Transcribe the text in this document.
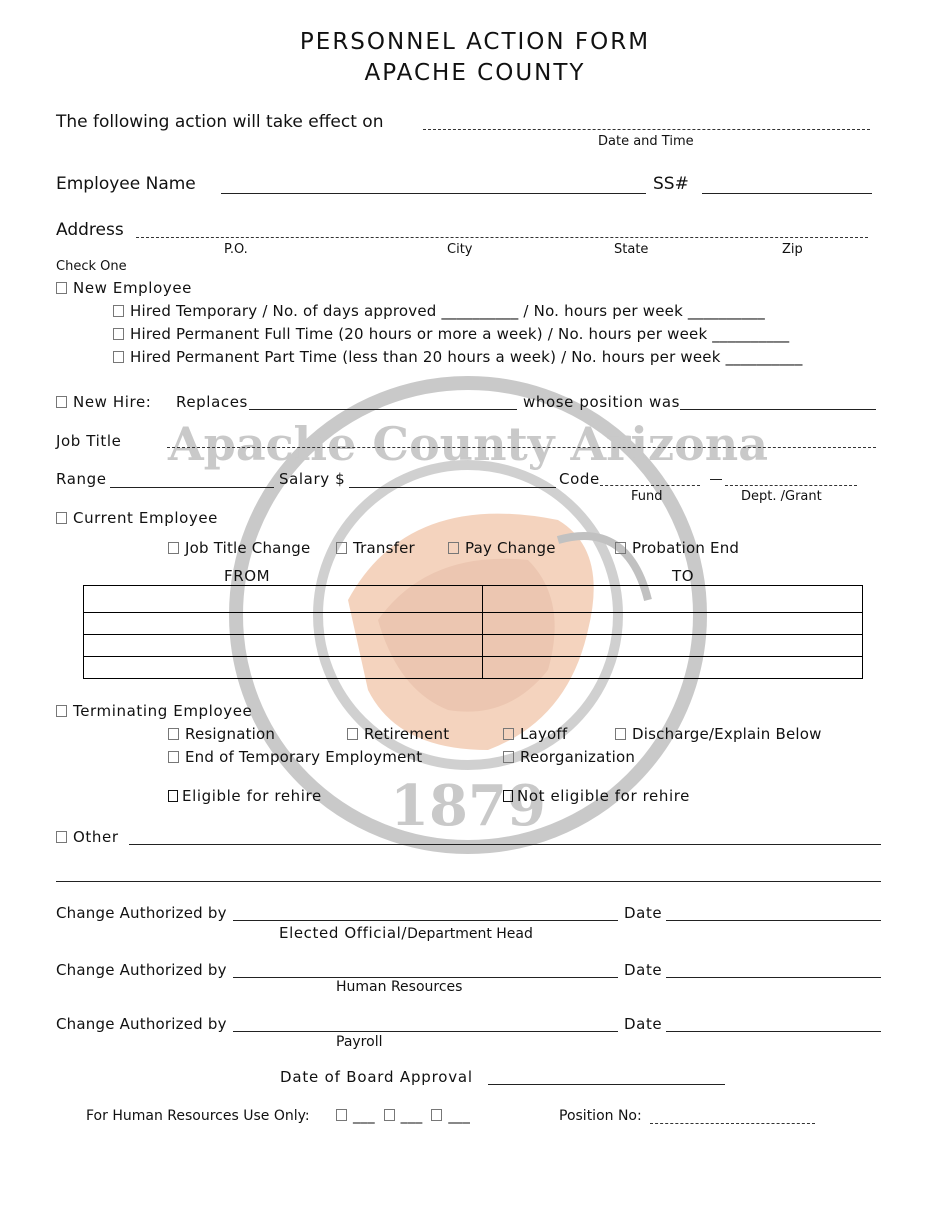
Apache County Arizona
1879
PERSONNEL ACTION FORM
APACHE COUNTY
The following action will take effect on
Date and Time
Employee Name	SS#
Address
P.O.	City	State	Zip
Check One
New Employee
Hired Temporary / No. of days approved __________ / No. hours per week __________
Hired Permanent Full Time (20 hours or more a week) / No. hours per week __________
Hired Permanent Part Time (less than 20 hours a week) / No. hours per week __________
New Hire: Replaces	whose position was
Job Title
Range	Salary $	Code
Fund	Dept. /Grant
Current Employee
Job Title Change	Transfer	Pay Change	Probation End
FROM	TO

Terminating Employee
Resignation	Retirement	Layoff	Discharge/Explain Below
End of Temporary Employment	Reorganization
Eligible for rehire	Not eligible for rehire
Other
Change Authorized by	Date
Elected Official/Department Head
Change Authorized by	Date
Human Resources
Change Authorized by	Date
Payroll
Date of Board Approval
For Human Resources Use Only:	___ ___ ___	Position No:
